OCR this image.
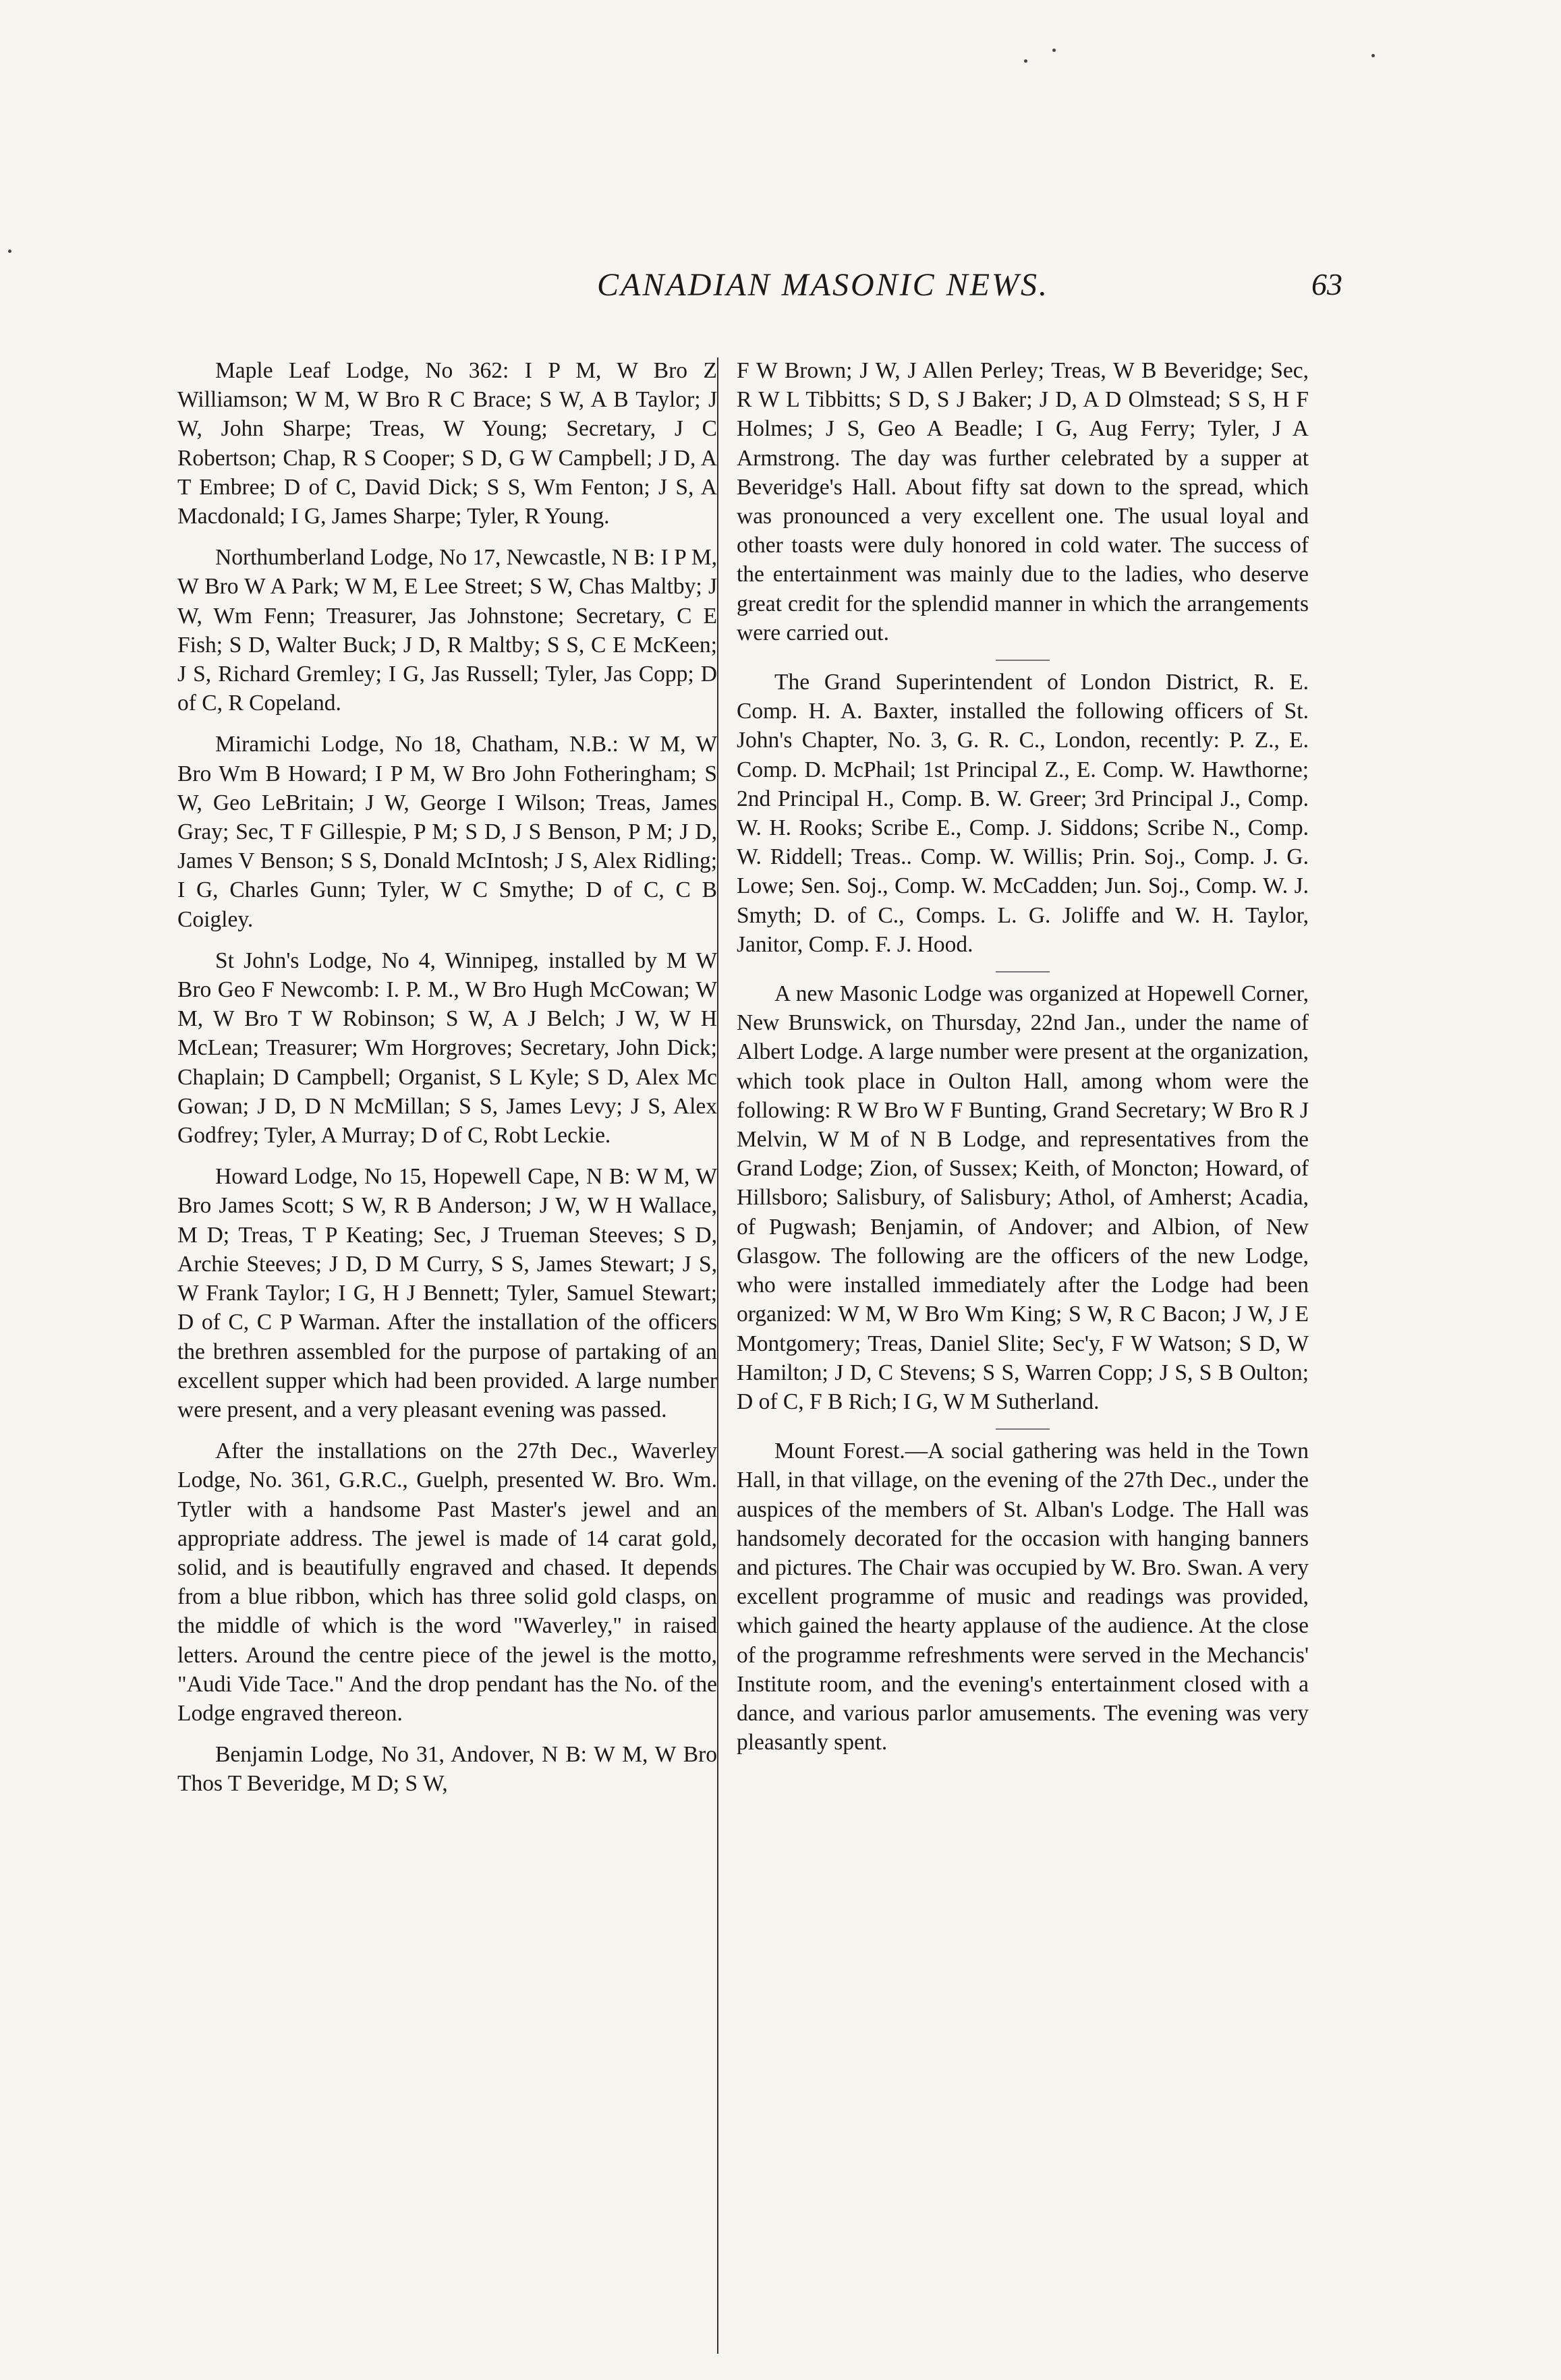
CANADIAN MASONIC NEWS.	63

Maple Leaf Lodge, No 362: I P M, W Bro Z Williamson; W M, W Bro R C Brace; S W, A B Taylor; J W, John Sharpe; Treas, W Young; Secretary, J C Robertson; Chap, R S Cooper; S D, G W Campbell; J D, A T Embree; D of C, David Dick; S S, Wm Fenton; J S, A Macdonald; I G, James Sharpe; Tyler, R Young.

Northumberland Lodge, No 17, Newcastle, N B: I P M, W Bro W A Park; W M, E Lee Street; S W, Chas Maltby; J W, Wm Fenn; Treasurer, Jas Johnstone; Secretary, C E Fish; S D, Walter Buck; J D, R Maltby; S S, C E McKeen; J S, Richard Gremley; I G, Jas Russell; Tyler, Jas Copp; D of C, R Copeland.

Miramichi Lodge, No 18, Chatham, N.B.: W M, W Bro Wm B Howard; I P M, W Bro John Fotheringham; S W, Geo LeBritain; J W, George I Wilson; Treas, James Gray; Sec, T F Gillespie, P M; S D, J S Benson, P M; J D, James V Benson; S S, Donald McIntosh; J S, Alex Ridling; I G, Charles Gunn; Tyler, W C Smythe; D of C, C B Coigley.

St John's Lodge, No 4, Winnipeg, installed by M W Bro Geo F Newcomb: I. P. M., W Bro Hugh McCowan; W M, W Bro T W Robinson; S W, A J Belch; J W, W H McLean; Treasurer; Wm Horgroves; Secretary, John Dick; Chaplain; D Campbell; Organist, S L Kyle; S D, Alex Mc Gowan; J D, D N McMillan; S S, James Levy; J S, Alex Godfrey; Tyler, A Murray; D of C, Robt Leckie.

Howard Lodge, No 15, Hopewell Cape, N B: W M, W Bro James Scott; S W, R B Anderson; J W, W H Wallace, M D; Treas, T P Keating; Sec, J Trueman Steeves; S D, Archie Steeves; J D, D M Curry, S S, James Stewart; J S, W Frank Taylor; I G, H J Bennett; Tyler, Samuel Stewart; D of C, C P Warman. After the installation of the officers the brethren assembled for the purpose of partaking of an excellent supper which had been provided. A large number were present, and a very pleasant evening was passed.

After the installations on the 27th Dec., Waverley Lodge, No. 361, G.R.C., Guelph, presented W. Bro. Wm. Tytler with a handsome Past Master's jewel and an appropriate address. The jewel is made of 14 carat gold, solid, and is beautifully engraved and chased. It depends from a blue ribbon, which has three solid gold clasps, on the middle of which is the word "Waverley," in raised letters. Around the centre piece of the jewel is the motto, "Audi Vide Tace." And the drop pendant has the No. of the Lodge engraved thereon.

Benjamin Lodge, No 31, Andover, N B: W M, W Bro Thos T Beveridge, M D; S W,

F W Brown; J W, J Allen Perley; Treas, W B Beveridge; Sec, R W L Tibbitts; S D, S J Baker; J D, A D Olmstead; S S, H F Holmes; J S, Geo A Beadle; I G, Aug Ferry; Tyler, J A Armstrong. The day was further celebrated by a supper at Beveridge's Hall. About fifty sat down to the spread, which was pronounced a very excellent one. The usual loyal and other toasts were duly honored in cold water. The success of the entertainment was mainly due to the ladies, who deserve great credit for the splendid manner in which the arrangements were carried out.

The Grand Superintendent of London District, R. E. Comp. H. A. Baxter, installed the following officers of St. John's Chapter, No. 3, G. R. C., London, recently: P. Z., E. Comp. D. McPhail; 1st Principal Z., E. Comp. W. Hawthorne; 2nd Principal H., Comp. B. W. Greer; 3rd Principal J., Comp. W. H. Rooks; Scribe E., Comp. J. Siddons; Scribe N., Comp. W. Riddell; Treas.. Comp. W. Willis; Prin. Soj., Comp. J. G. Lowe; Sen. Soj., Comp. W. McCadden; Jun. Soj., Comp. W. J. Smyth; D. of C., Comps. L. G. Joliffe and W. H. Taylor, Janitor, Comp. F. J. Hood.

A new Masonic Lodge was organized at Hopewell Corner, New Brunswick, on Thursday, 22nd Jan., under the name of Albert Lodge. A large number were present at the organization, which took place in Oulton Hall, among whom were the following: R W Bro W F Bunting, Grand Secretary; W Bro R J Melvin, W M of N B Lodge, and representatives from the Grand Lodge; Zion, of Sussex; Keith, of Moncton; Howard, of Hillsboro; Salisbury, of Salisbury; Athol, of Amherst; Acadia, of Pugwash; Benjamin, of Andover; and Albion, of New Glasgow. The following are the officers of the new Lodge, who were installed immediately after the Lodge had been organized: W M, W Bro Wm King; S W, R C Bacon; J W, J E Montgomery; Treas, Daniel Slite; Sec'y, F W Watson; S D, W Hamilton; J D, C Stevens; S S, Warren Copp; J S, S B Oulton; D of C, F B Rich; I G, W M Sutherland.

Mount Forest.—A social gathering was held in the Town Hall, in that village, on the evening of the 27th Dec., under the auspices of the members of St. Alban's Lodge. The Hall was handsomely decorated for the occasion with hanging banners and pictures. The Chair was occupied by W. Bro. Swan. A very excellent programme of music and readings was provided, which gained the hearty applause of the audience. At the close of the programme refreshments were served in the Mechancis' Institute room, and the evening's entertainment closed with a dance, and various parlor amusements. The evening was very pleasantly spent.
